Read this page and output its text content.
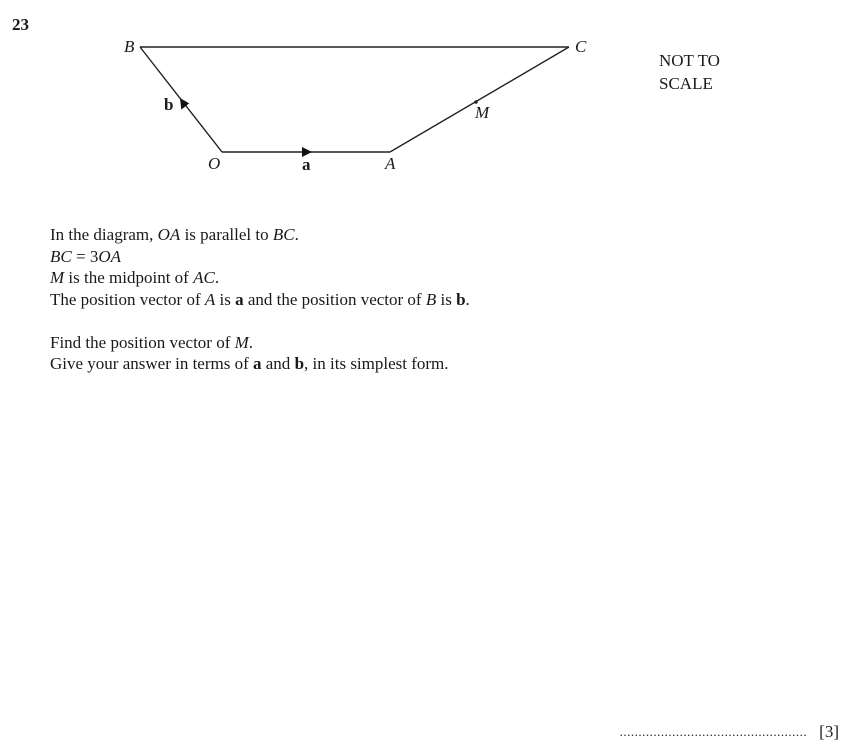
23
B	C
O	A
M
a
b
NOT TO
SCALE

In the diagram, OA is parallel to BC.

BC = 3OA

M is the midpoint of AC.

The position vector of A is a and the position vector of B is b.

Find the position vector of M.

Give your answer in terms of a and b, in its simplest form.

.................................................. [3]
